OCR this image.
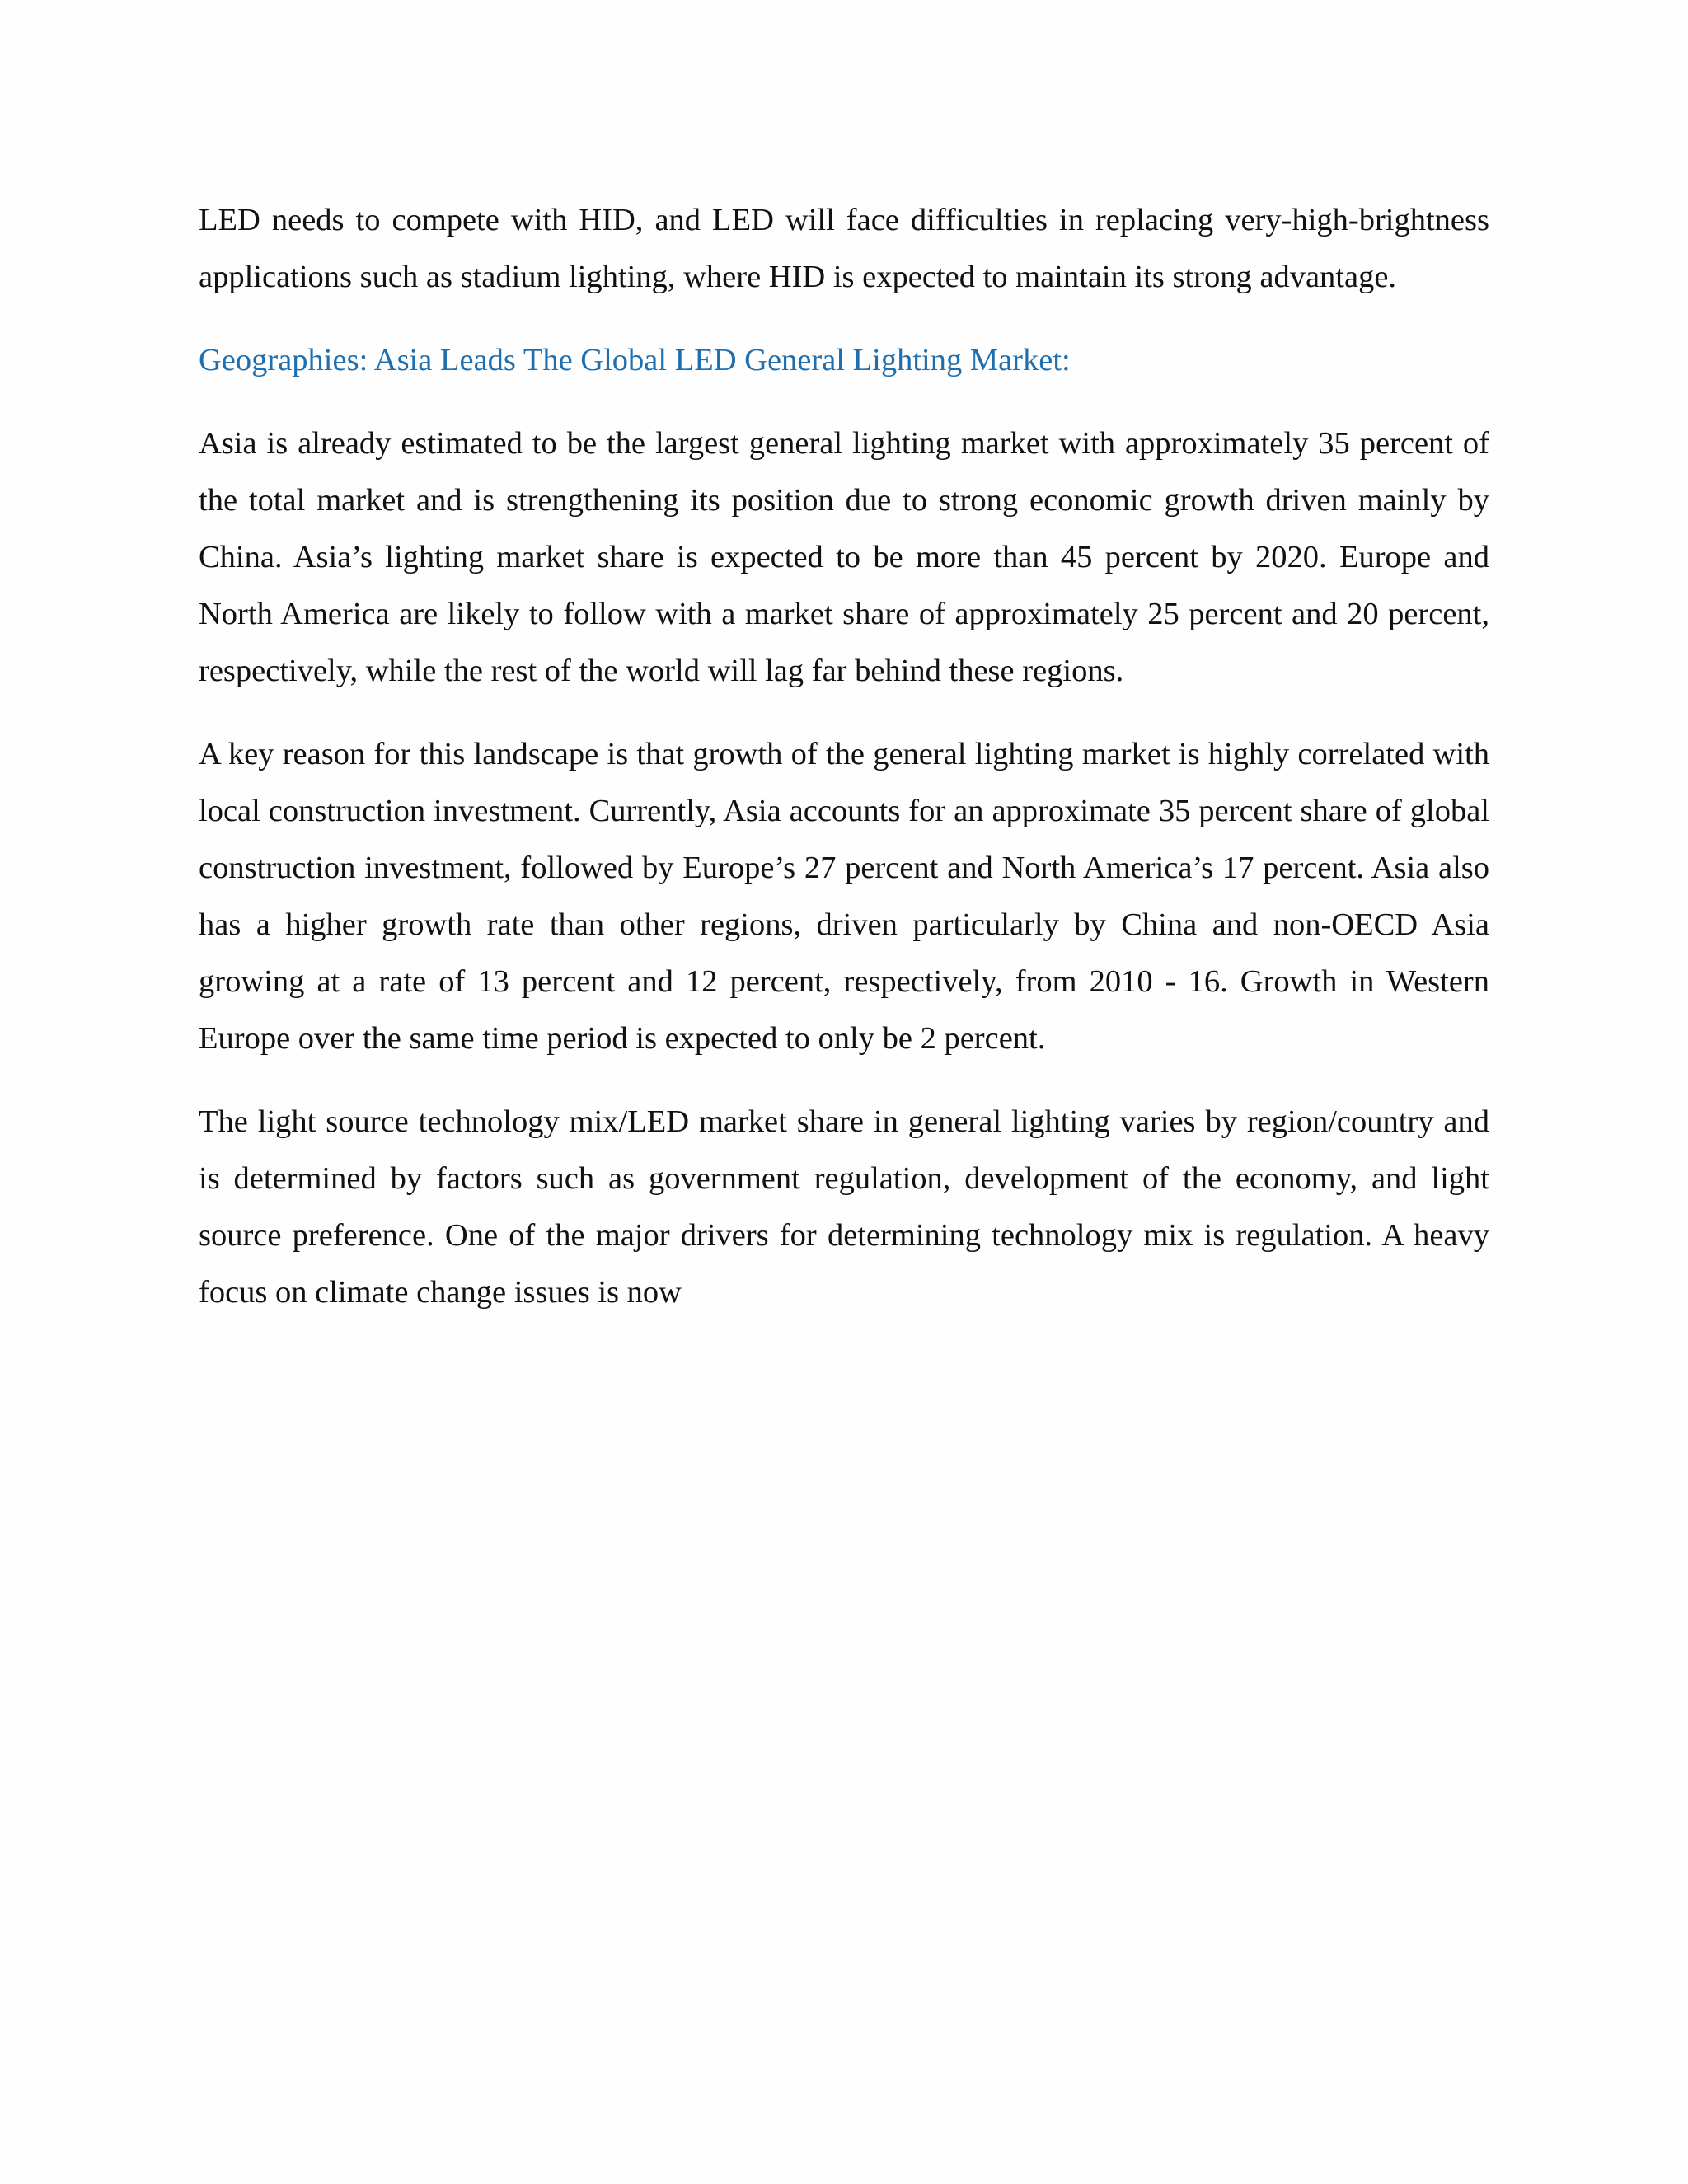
LED needs to compete with HID, and LED will face difficulties in replacing very-high-brightness applications such as stadium lighting, where HID is expected to maintain its strong advantage.

Geographies: Asia Leads The Global LED General Lighting Market:

Asia is already estimated to be the largest general lighting market with approximately 35 percent of the total market and is strengthening its position due to strong economic growth driven mainly by China. Asia’s lighting market share is expected to be more than 45 percent by 2020. Europe and North America are likely to follow with a market share of approximately 25 percent and 20 percent, respectively, while the rest of the world will lag far behind these regions.

A key reason for this landscape is that growth of the general lighting market is highly correlated with local construction investment. Currently, Asia accounts for an approximate 35 percent share of global construction investment, followed by Europe’s 27 percent and North America’s 17 percent. Asia also has a higher growth rate than other regions, driven particularly by China and non-OECD Asia growing at a rate of 13 percent and 12 percent, respectively, from 2010 - 16. Growth in Western Europe over the same time period is expected to only be 2 percent.

The light source technology mix/LED market share in general lighting varies by region/country and is determined by factors such as government regulation, development of the economy, and light source preference. One of the major drivers for determining technology mix is regulation. A heavy focus on climate change issues is now
